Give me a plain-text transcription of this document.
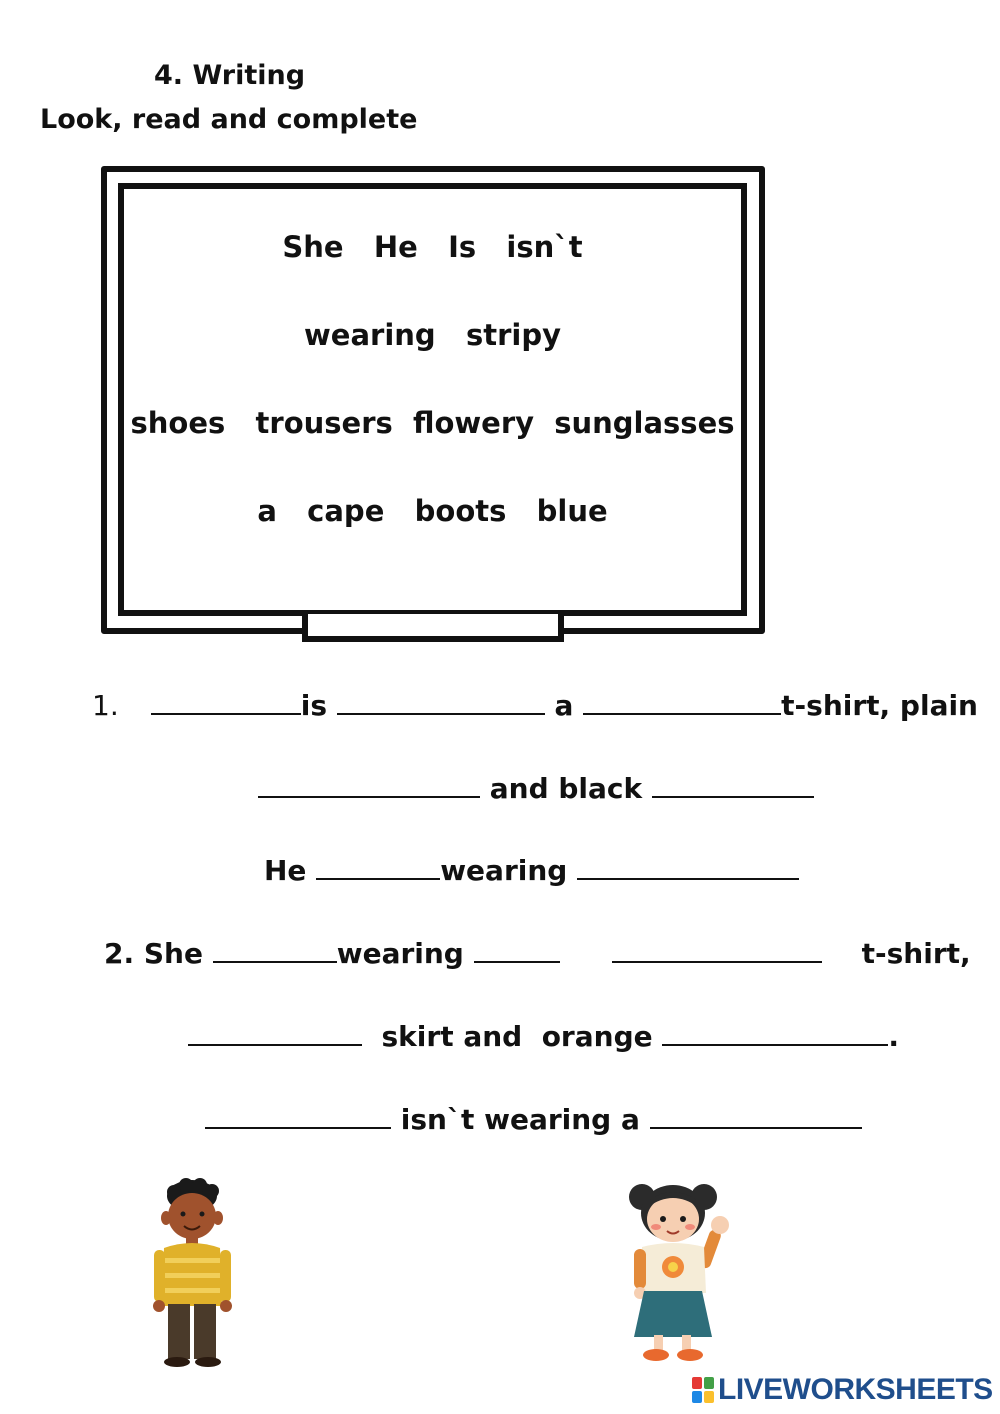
4. Writing
Look, read and complete
She   He   Is   isn`t
wearing   stripy
shoes   trousers  flowery  sunglasses
a   cape   boots   blue
1.	is	a	t-shirt, plain
and black
He	wearing
2. She	wearing	t-shirt,
skirt and  orange	.
isn`t wearing a
LIVEWORKSHEETS
